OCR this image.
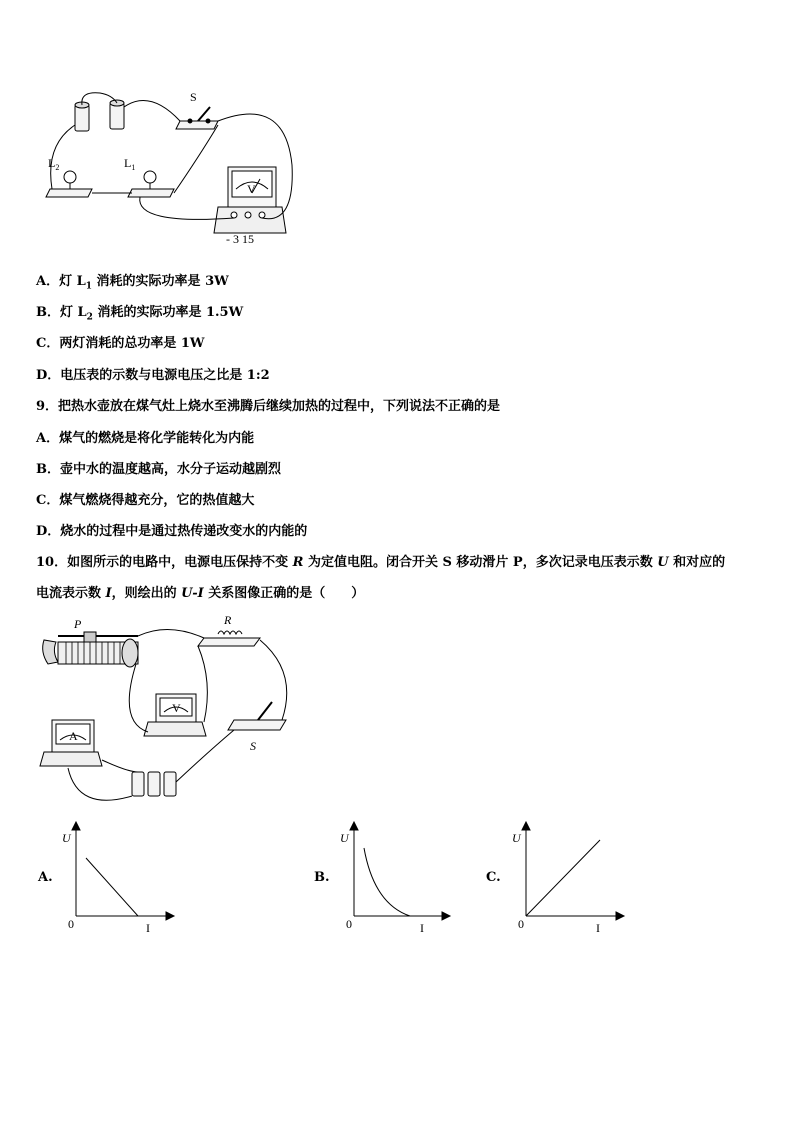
S
$L_2$	$L_1$
V
- 3 15
A．灯 $L_1$ 消耗的实际功率是 3W
B．灯 $L_2$ 消耗的实际功率是 1.5W
C．两灯消耗的总功率是 1W
D．电压表的示数与电源电压之比是 1:2
9．把热水壶放在煤气灶上烧水至沸腾后继续加热的过程中，下列说法不正确的是
A．煤气的燃烧是将化学能转化为内能
B．壶中水的温度越高，水分子运动越剧烈
C．煤气燃烧得越充分，它的热值越大
D．烧水的过程中是通过热传递改变水的内能的
10．如图所示的电路中，电源电压保持不变 R 为定值电阻。闭合开关 S 移动滑片 P，多次记录电压表示数 U 和对应的
电流表示数 I，则绘出的 U-I 关系图像正确的是（　　）
P	R
V
A
S
A.
U
I
0
B.
U
I
0
C.
U
I
0
